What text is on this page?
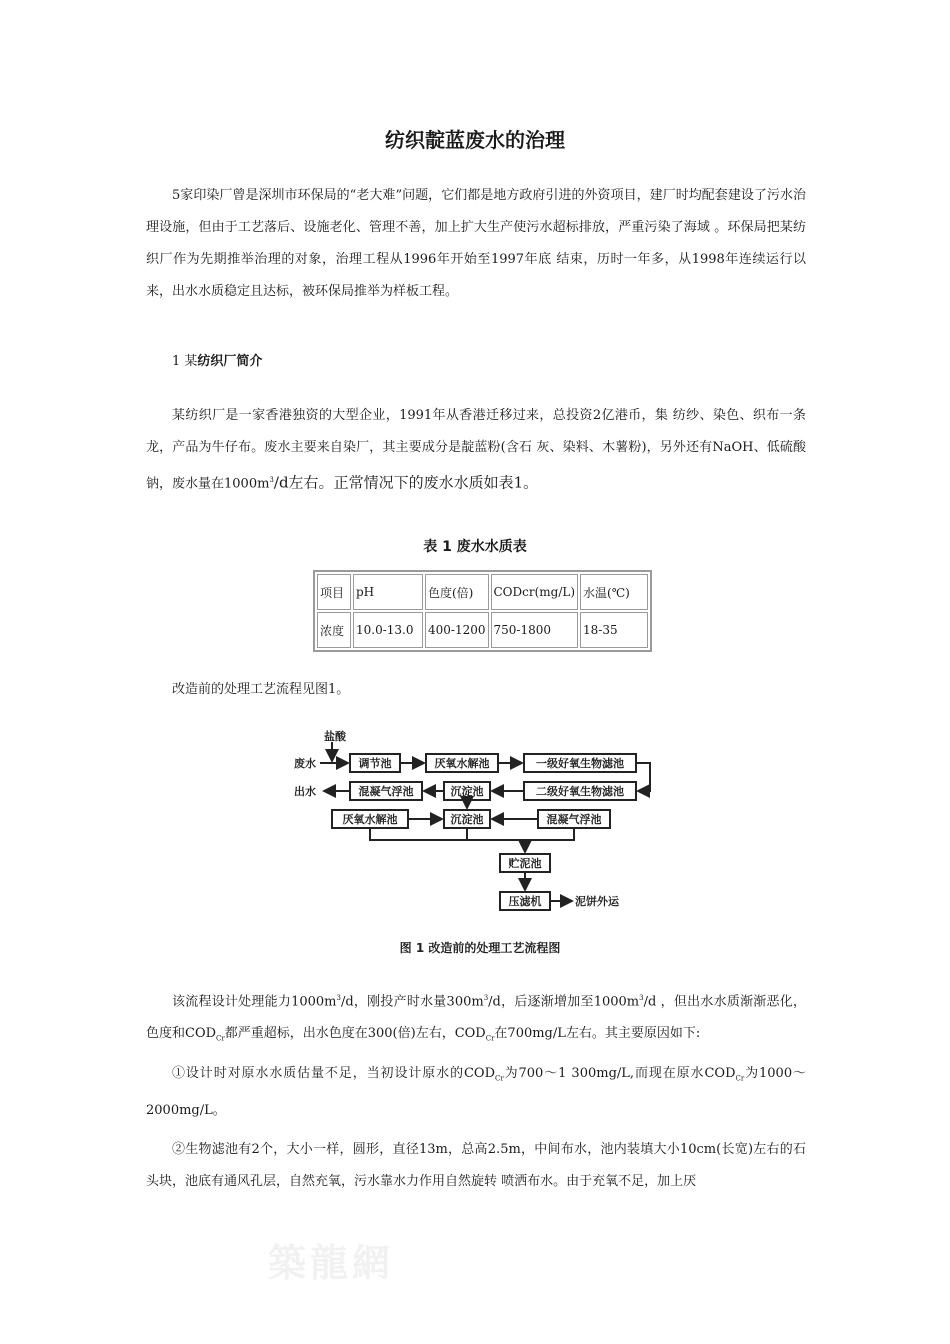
纺织靛蓝废水的治理

5家印染厂曾是深圳市环保局的“老大难”问题，它们都是地方政府引进的外资项目，建厂时均配套建设了污水治理设施，但由于工艺落后、设施老化、管理不善，加上扩大生产使污水超标排放，严重污染了海域 。环保局把某纺织厂作为先期推举治理的对象，治理工程从1996年开始至1997年底 结束，历时一年多，从1998年连续运行以来，出水水质稳定且达标，被环保局推举为样板工程。

1 某纺织厂简介

某纺织厂是一家香港独资的大型企业，1991年从香港迁移过来，总投资2亿港币，集 纺纱、染色、织布一条龙，产品为牛仔布。废水主要来自染厂，其主要成分是靛蓝粉(含石 灰、染料、木薯粉)，另外还有NaOH、低硫酸钠，废水量在$1000m^3/d$左右。正常情况下的废水水质如表1。

表 1 废水水质表
项目	pH	色度(倍)	CODcr(mg/L)	水温(℃)
浓度	10.0-13.0	400-1200	750-1800	18-35
改造前的处理工艺流程见图1。
盐酸
废水
出水
泥饼外运
调节池	厌氧水解池	一级好氧生物滤池
二级好氧生物滤池
沉淀池
混凝气浮池
厌氧水解池	沉淀池	混凝气浮池
贮泥池
压滤机
图 1 改造前的处理工艺流程图

该流程设计处理能力$1000m^3/d$，刚投产时水量$300m^3/d$，后逐渐增加至$1000m^3/d$ ，但出水水质渐渐恶化，色度和$COD_{Cr}$都严重超标，出水色度在300(倍)左右，$COD_{Cr}$在700mg/L左右。其主要原因如下:

①设计时对原水水质估量不足，当初设计原水的$COD_{Cr}$为700～1 300mg/L,而现在原水$COD_{Cr}$为1000～2000mg/L。

②生物滤池有2个，大小一样，圆形，直径13m，总高2.5m，中间布水，池内装填大小10cm(长宽)左右的石头块，池底有通风孔层，自然充氧，污水靠水力作用自然旋转 喷洒布水。由于充氧不足，加上厌

築龍網
